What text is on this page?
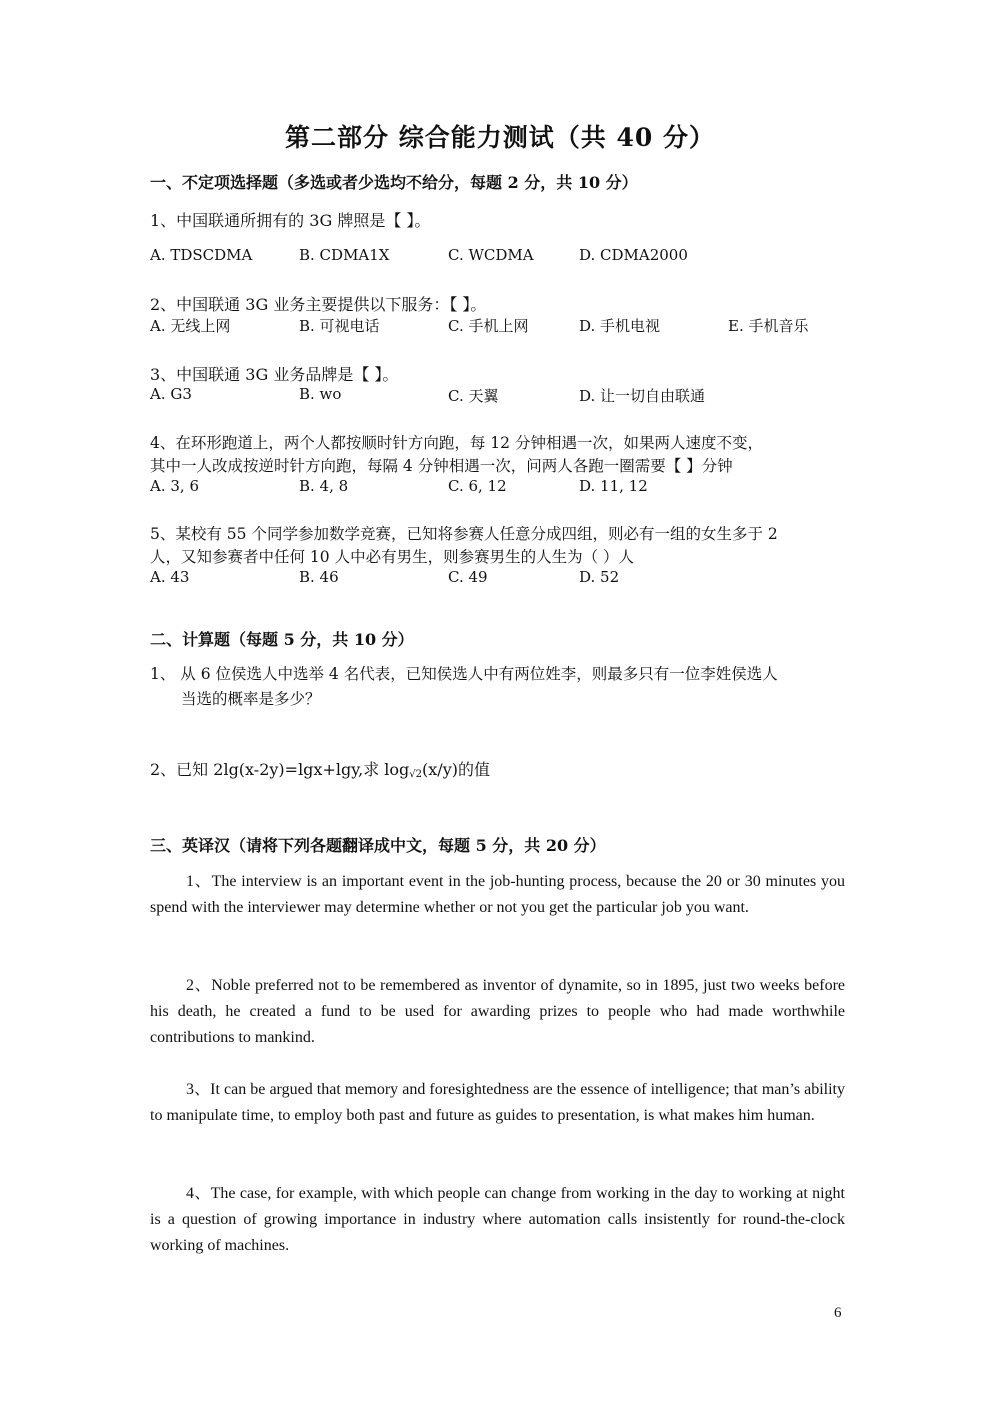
第二部分 综合能力测试（共 40 分）
一、不定项选择题（多选或者少选均不给分，每题 2 分，共 10 分）
1、中国联通所拥有的 3G 牌照是【 】。
A. TDSCDMA	B. CDMA1X	C. WCDMA	D. CDMA2000
2、中国联通 3G 业务主要提供以下服务：【 】。
A. 无线上网	B. 可视电话	C. 手机上网	D. 手机电视	E. 手机音乐
3、中国联通 3G 业务品牌是【 】。
A. G3	B. wo	C. 天翼	D. 让一切自由联通
4、在环形跑道上，两个人都按顺时针方向跑，每 12 分钟相遇一次，如果两人速度不变，
其中一人改成按逆时针方向跑，每隔 4 分钟相遇一次，问两人各跑一圈需要【 】分钟
A. 3, 6	B. 4, 8	C. 6, 12	D. 11, 12
5、某校有 55 个同学参加数学竞赛，已知将参赛人任意分成四组，则必有一组的女生多于 2
人，又知参赛者中任何 10 人中必有男生，则参赛男生的人生为（ ）人
A. 43	B. 46	C. 49	D. 52
二、计算题（每题 5 分，共 10 分）
1、 从 6 位侯选人中选举 4 名代表，已知侯选人中有两位姓李，则最多只有一位李姓侯选人
当选的概率是多少？
2、已知 2lg(x-2y)=lgx+lgy,求 $\log_{√2}(x/y)$的值
三、英译汉（请将下列各题翻译成中文，每题 5 分，共 20 分）

1、The interview is an important event in the job-hunting process, because the 20 or 30 minutes you spend with the interviewer may determine whether or not you get the particular job you want.

2、Noble preferred not to be remembered as inventor of dynamite, so in 1895, just two weeks before his death, he created a fund to be used for awarding prizes to people who had made worthwhile contributions to mankind.

3、It can be argued that memory and foresightedness are the essence of intelligence; that man’s ability to manipulate time, to employ both past and future as guides to presentation, is what makes him human.

4、The case, for example, with which people can change from working in the day to working at night is a question of growing importance in industry where automation calls insistently for round-the-clock working of machines.

6
